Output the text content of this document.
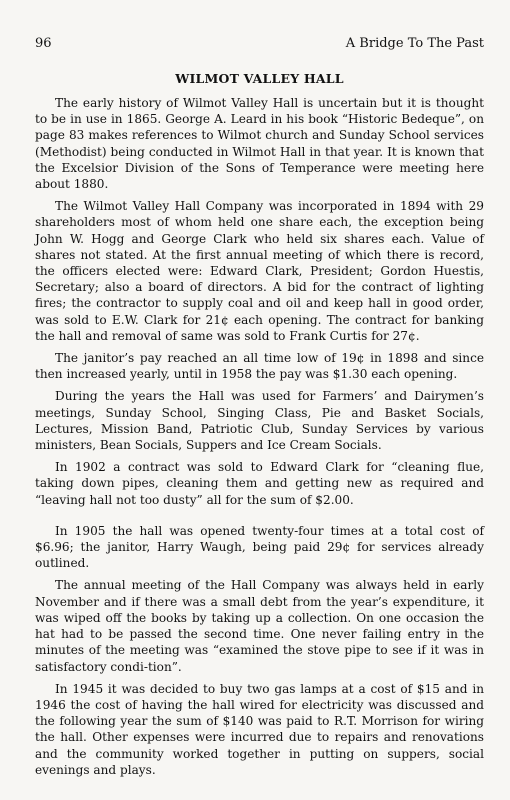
96	A Bridge To The Past
WILMOT VALLEY HALL

The early history of Wilmot Valley Hall is uncertain but it is thought to be in use in 1865. George A. Leard in his book “Historic Bedeque”, on page 83 makes references to Wilmot church and Sunday School services (Methodist) being conducted in Wilmot Hall in that year. It is known that the Excelsior Division of the Sons of Temperance were meeting here about 1880.

The Wilmot Valley Hall Company was incorporated in 1894 with 29 shareholders most of whom held one share each, the exception being John W. Hogg and George Clark who held six shares each. Value of shares not stated. At the first annual meeting of which there is record, the officers elected were: Edward Clark, President; Gordon Huestis, Secretary; also a board of directors. A bid for the contract of lighting fires; the contractor to supply coal and oil and keep hall in good order, was sold to E.W. Clark for 21¢ each opening. The contract for banking the hall and removal of same was sold to Frank Curtis for 27¢.

The janitor’s pay reached an all time low of 19¢ in 1898 and since then increased yearly, until in 1958 the pay was $1.30 each opening.

During the years the Hall was used for Farmers’ and Dairymen’s meetings, Sunday School, Singing Class, Pie and Basket Socials, Lectures, Mission Band, Patriotic Club, Sunday Services by various ministers, Bean Socials, Suppers and Ice Cream Socials.

In 1902 a contract was sold to Edward Clark for “cleaning flue, taking down pipes, cleaning them and getting new as required and “leaving hall not too dusty” all for the sum of $2.00.

In 1905 the hall was opened twenty-four times at a total cost of $6.96; the janitor, Harry Waugh, being paid 29¢ for services already outlined.

The annual meeting of the Hall Company was always held in early November and if there was a small debt from the year’s expenditure, it was wiped off the books by taking up a collection. On one occasion the hat had to be passed the second time. One never failing entry in the minutes of the meeting was “examined the stove pipe to see if it was in satisfactory condi-tion”.

In 1945 it was decided to buy two gas lamps at a cost of $15 and in 1946 the cost of having the hall wired for electricity was discussed and the following year the sum of $140 was paid to R.T. Morrison for wiring the hall. Other expenses were incurred due to repairs and renovations and the community worked together in putting on suppers, social evenings and plays.
